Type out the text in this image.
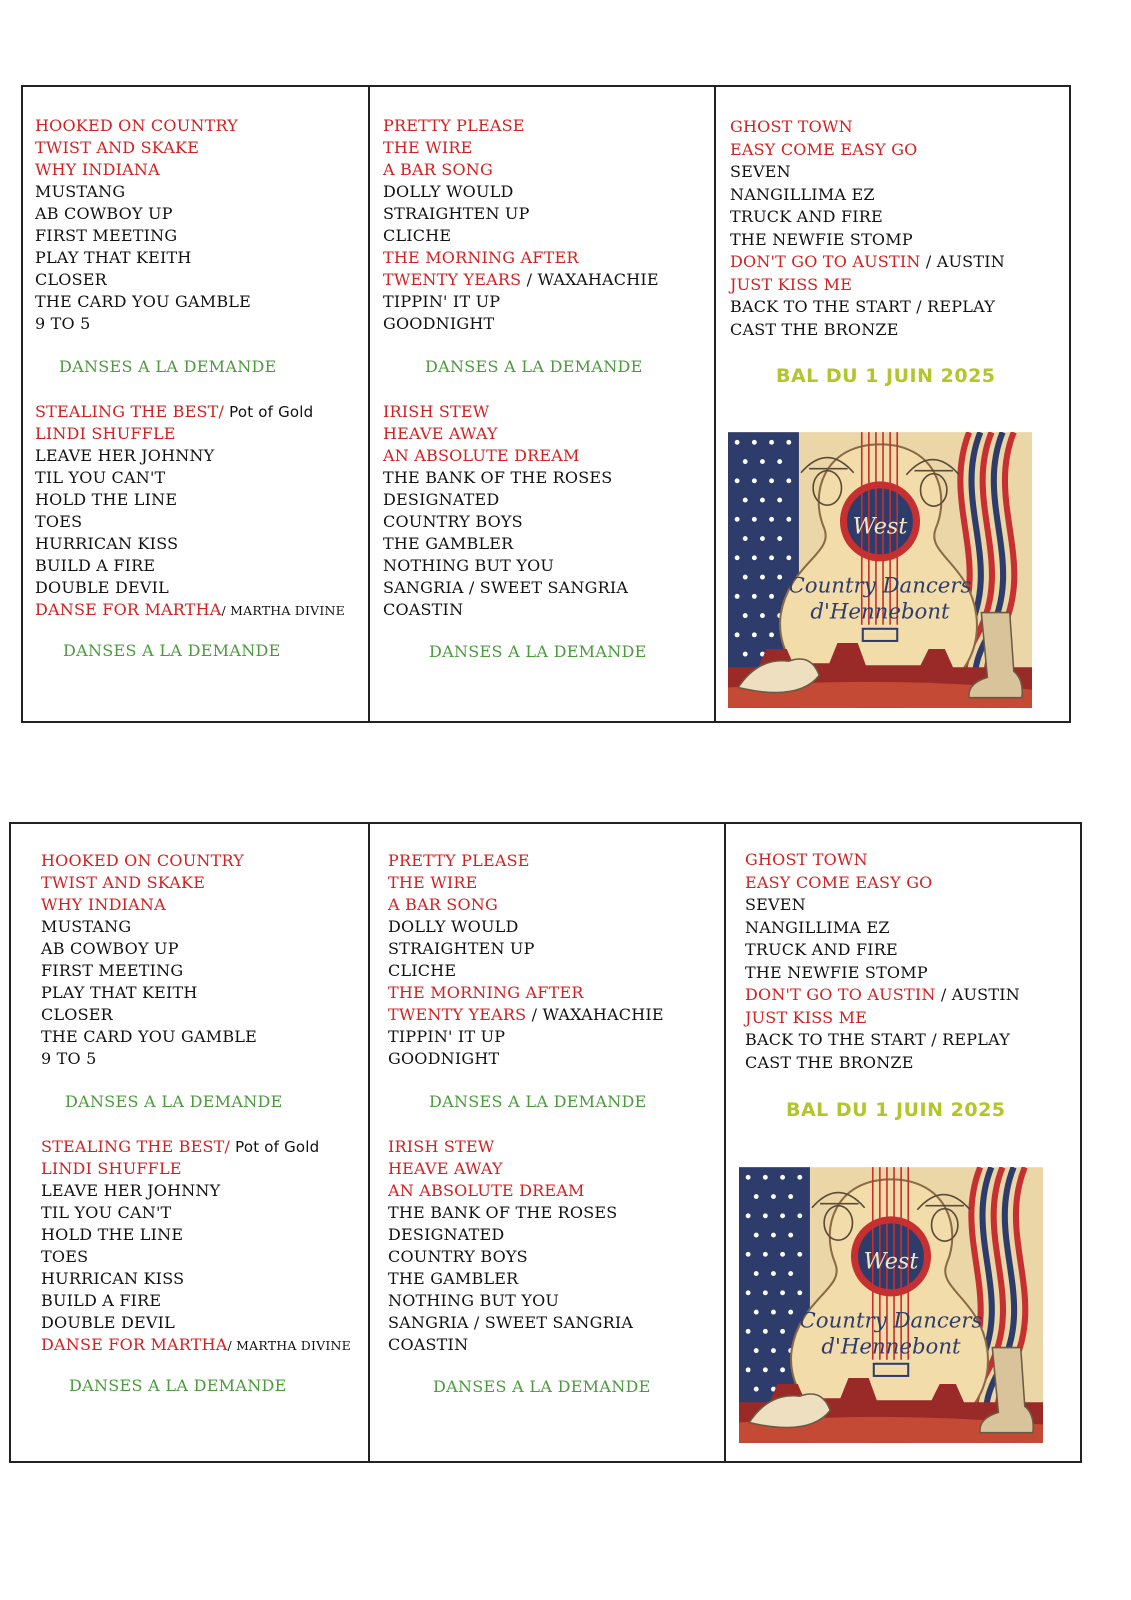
HOOKED ON COUNTRY
TWIST AND SKAKE
WHY INDIANA
MUSTANG
AB COWBOY UP
FIRST MEETING
PLAY THAT KEITH
CLOSER
THE CARD YOU GAMBLE
9 TO 5
DANSES A LA DEMANDE
STEALING THE BEST/ Pot of Gold
LINDI SHUFFLE
LEAVE HER JOHNNY
TIL YOU CAN'T
HOLD THE LINE
TOES
HURRICAN KISS
BUILD A FIRE
DOUBLE DEVIL
DANSE FOR MARTHA/ MARTHA DIVINE
DANSES A LA DEMANDE
PRETTY PLEASE
THE WIRE
A BAR SONG
DOLLY WOULD
STRAIGHTEN UP
CLICHE
THE MORNING AFTER
TWENTY YEARS / WAXAHACHIE
TIPPIN' IT UP
GOODNIGHT
DANSES A LA DEMANDE
IRISH STEW
HEAVE AWAY
AN ABSOLUTE DREAM
THE BANK OF THE ROSES
DESIGNATED
COUNTRY BOYS
THE GAMBLER
NOTHING BUT YOU
SANGRIA / SWEET SANGRIA
COASTIN
DANSES A LA DEMANDE
GHOST TOWN
EASY COME EASY GO
SEVEN
NANGILLIMA EZ
TRUCK AND FIRE
THE NEWFIE STOMP
DON'T GO TO AUSTIN / AUSTIN
JUST KISS ME
BACK TO THE START / REPLAY
CAST THE BRONZE
BAL DU 1 JUIN 2025
West
Country Dancers
d'Hennebont
HOOKED ON COUNTRY
TWIST AND SKAKE
WHY INDIANA
MUSTANG
AB COWBOY UP
FIRST MEETING
PLAY THAT KEITH
CLOSER
THE CARD YOU GAMBLE
9 TO 5
DANSES A LA DEMANDE
STEALING THE BEST/ Pot of Gold
LINDI SHUFFLE
LEAVE HER JOHNNY
TIL YOU CAN'T
HOLD THE LINE
TOES
HURRICAN KISS
BUILD A FIRE
DOUBLE DEVIL
DANSE FOR MARTHA/ MARTHA DIVINE
DANSES A LA DEMANDE
PRETTY PLEASE
THE WIRE
A BAR SONG
DOLLY WOULD
STRAIGHTEN UP
CLICHE
THE MORNING AFTER
TWENTY YEARS / WAXAHACHIE
TIPPIN' IT UP
GOODNIGHT
DANSES A LA DEMANDE
IRISH STEW
HEAVE AWAY
AN ABSOLUTE DREAM
THE BANK OF THE ROSES
DESIGNATED
COUNTRY BOYS
THE GAMBLER
NOTHING BUT YOU
SANGRIA / SWEET SANGRIA
COASTIN
DANSES A LA DEMANDE
GHOST TOWN
EASY COME EASY GO
SEVEN
NANGILLIMA EZ
TRUCK AND FIRE
THE NEWFIE STOMP
DON'T GO TO AUSTIN / AUSTIN
JUST KISS ME
BACK TO THE START / REPLAY
CAST THE BRONZE
BAL DU 1 JUIN 2025
West
Country Dancers
d'Hennebont
